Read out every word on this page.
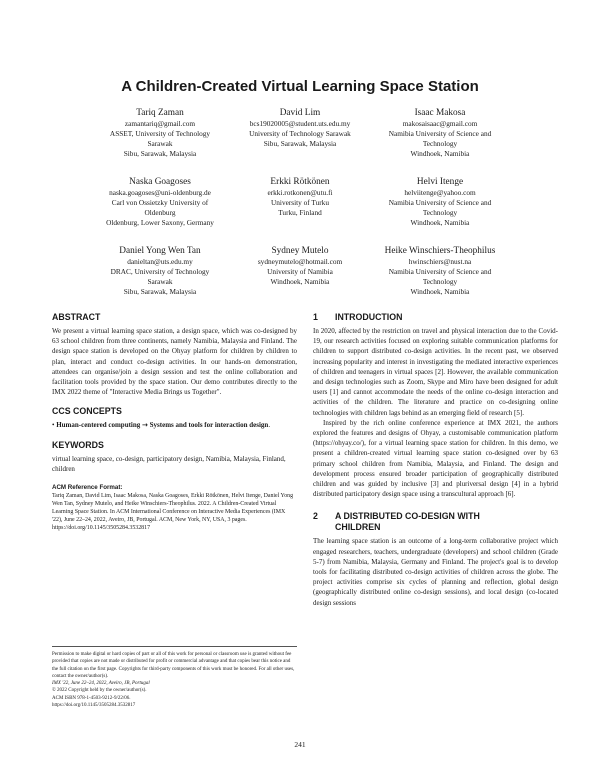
A Children-Created Virtual Learning Space Station
Tariq Zaman
zamantariq@gmail.com
ASSET, University of Technology
Sarawak
Sibu, Sarawak, Malaysia
David Lim
bcs19020005@student.uts.edu.my
University of Technology Sarawak
Sibu, Sarawak, Malaysia
Isaac Makosa
makosaisaac@gmail.com
Namibia University of Science and
Technology
Windhoek, Namibia
Naska Goagoses
naska.goagoses@uni-oldenburg.de
Carl von Ossietzky University of
Oldenburg
Oldenburg, Lower Saxony, Germany
Erkki Rötkönen
erkki.rotkonen@utu.fi
University of Turku
Turku, Finland
Helvi Itenge
helviitenge@yahoo.com
Namibia University of Science and
Technology
Windhoek, Namibia
Daniel Yong Wen Tan
danieltan@uts.edu.my
DRAC, University of Technology
Sarawak
Sibu, Sarawak, Malaysia
Sydney Mutelo
sydneymutelo@hotmail.com
University of Namibia
Windhoek, Namibia
Heike Winschiers-Theophilus
hwinschiers@nust.na
Namibia University of Science and
Technology
Windhoek, Namibia
ABSTRACT

We present a virtual learning space station, a design space, which was co-designed by 63 school children from three continents, namely Namibia, Malaysia and Finland. The design space station is developed on the Ohyay platform for children by children to plan, interact and conduct co-design activities. In our hands-on demonstration, attendees can organise/join a design session and test the online collaboration and facilitation tools provided by the space station. Our demo contributes directly to the IMX 2022 theme of "Interactive Media Brings us Together".

CCS CONCEPTS

• Human-centered computing → Systems and tools for interaction design.

KEYWORDS

virtual learning space, co-design, participatory design, Namibia, Malaysia, Finland, children

ACM Reference Format:

Tariq Zaman, David Lim, Isaac Makosa, Naska Goagoses, Erkki Rötkönen, Helvi Itenge, Daniel Yong Wen Tan, Sydney Mutelo, and Heike Winschiers-Theophilus. 2022. A Children-Created Virtual Learning Space Station. In ACM International Conference on Interactive Media Experiences (IMX '22), June 22–24, 2022, Aveiro, JB, Portugal. ACM, New York, NY, USA, 3 pages. https://doi.org/10.1145/3505284.3532817

Permission to make digital or hard copies of part or all of this work for personal or classroom use is granted without fee provided that copies are not made or distributed for profit or commercial advantage and that copies bear this notice and the full citation on the first page. Copyrights for third-party components of this work must be honored. For all other uses, contact the owner/author(s).
IMX '22, June 22–24, 2022, Aveiro, JB, Portugal
© 2022 Copyright held by the owner/author(s).
ACM ISBN 978-1-4503-9212-9/22/06.
https://doi.org/10.1145/3505284.3532817
1 INTRODUCTION

In 2020, affected by the restriction on travel and physical interaction due to the Covid- 19, our research activities focused on exploring suitable communication platforms for children to support distributed co-design activities. In the recent past, we observed increasing popularity and interest in investigating the mediated interactive experiences of children and teenagers in virtual spaces [2]. However, the available communication and design technologies such as Zoom, Skype and Miro have been designed for adult users [1] and cannot accommodate the needs of the online co-design interaction and activities of the children. The literature and practice on co-designing online technologies with children lags behind as an emerging field of research [5].

Inspired by the rich online conference experience at IMX 2021, the authors explored the features and designs of Ohyay, a customisable communication platform (https://ohyay.co/), for a virtual learning space station for children. In this demo, we present a children-created virtual learning space station co-designed over by 63 primary school children from Namibia, Malaysia, and Finland. The design and development process ensured broader participation of geographically distributed children and was guided by inclusive [3] and pluriversal design [4] in a hybrid distributed participatory design space using a transcultural approach [6].

2	A DISTRIBUTED CO-DESIGN WITH CHILDREN

The learning space station is an outcome of a long-term collaborative project which engaged researchers, teachers, undergraduate (developers) and school children (Grade 5-7) from Namibia, Malaysia, Germany and Finland. The project's goal is to develop tools for facilitating distributed co-design activities of children across the globe. The project activities comprise six cycles of planning and reflection, global design (geographically distributed online co-design sessions), and local design (co-located design sessions

241
